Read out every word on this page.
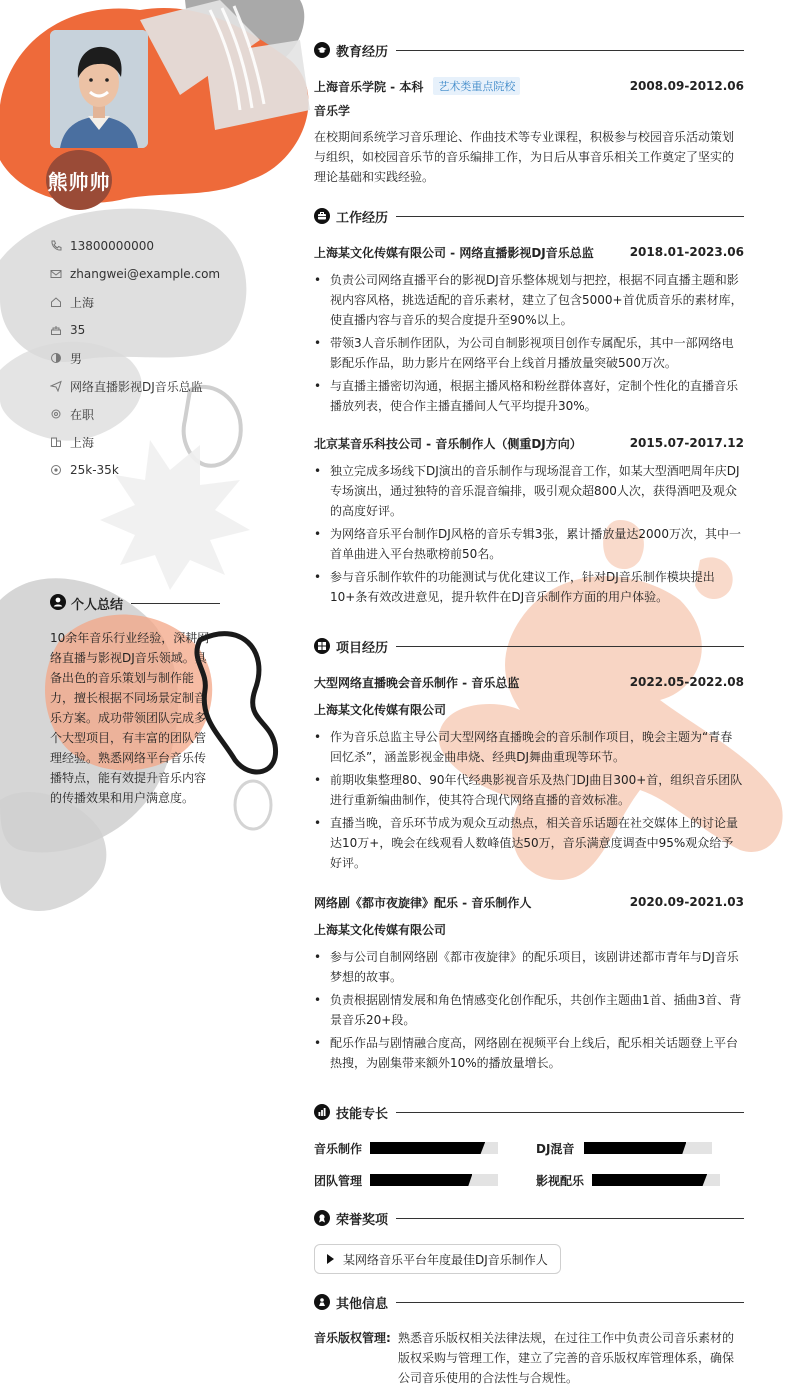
熊帅帅
13800000000
zhangwei@example.com
上海
35
男
网络直播影视DJ音乐总监
在职
上海
25k-35k
个人总结
10余年音乐行业经验，深耕网络直播与影视DJ音乐领域。具备出色的音乐策划与制作能力，擅长根据不同场景定制音乐方案。成功带领团队完成多个大型项目，有丰富的团队管理经验。熟悉网络平台音乐传播特点，能有效提升音乐内容的传播效果和用户满意度。
教育经历
上海音乐学院 - 本科	艺术类重点院校	2008.09-2012.06
音乐学
在校期间系统学习音乐理论、作曲技术等专业课程，积极参与校园音乐活动策划与组织，如校园音乐节的音乐编排工作，为日后从事音乐相关工作奠定了坚实的理论基础和实践经验。
工作经历
上海某文化传媒有限公司 - 网络直播影视DJ音乐总监	2018.01-2023.06
• 负责公司网络直播平台的影视DJ音乐整体规划与把控，根据不同直播主题和影视内容风格，挑选适配的音乐素材，建立了包含5000+首优质音乐的素材库，使直播内容与音乐的契合度提升至90%以上。
• 带领3人音乐制作团队，为公司自制影视项目创作专属配乐，其中一部网络电影配乐作品，助力影片在网络平台上线首月播放量突破500万次。
• 与直播主播密切沟通，根据主播风格和粉丝群体喜好，定制个性化的直播音乐播放列表，使合作主播直播间人气平均提升30%。
北京某音乐科技公司 - 音乐制作人（侧重DJ方向）	2015.07-2017.12
• 独立完成多场线下DJ演出的音乐制作与现场混音工作，如某大型酒吧周年庆DJ专场演出，通过独特的音乐混音编排，吸引观众超800人次，获得酒吧及观众的高度好评。
• 为网络音乐平台制作DJ风格的音乐专辑3张，累计播放量达2000万次，其中一首单曲进入平台热歌榜前50名。
• 参与音乐制作软件的功能测试与优化建议工作，针对DJ音乐制作模块提出10+条有效改进意见，提升软件在DJ音乐制作方面的用户体验。
项目经历
大型网络直播晚会音乐制作 - 音乐总监	2022.05-2022.08
上海某文化传媒有限公司
• 作为音乐总监主导公司大型网络直播晚会的音乐制作项目，晚会主题为“青春回忆杀”，涵盖影视金曲串烧、经典DJ舞曲重现等环节。
• 前期收集整理80、90年代经典影视音乐及热门DJ曲目300+首，组织音乐团队进行重新编曲制作，使其符合现代网络直播的音效标准。
• 直播当晚，音乐环节成为观众互动热点，相关音乐话题在社交媒体上的讨论量达10万+，晚会在线观看人数峰值达50万，音乐满意度调查中95%观众给予好评。
网络剧《都市夜旋律》配乐 - 音乐制作人	2020.09-2021.03
上海某文化传媒有限公司
• 参与公司自制网络剧《都市夜旋律》的配乐项目，该剧讲述都市青年与DJ音乐梦想的故事。
• 负责根据剧情发展和角色情感变化创作配乐，共创作主题曲1首、插曲3首、背景音乐20+段。
• 配乐作品与剧情融合度高，网络剧在视频平台上线后，配乐相关话题登上平台热搜，为剧集带来额外10%的播放量增长。
技能专长
音乐制作	DJ混音
团队管理	影视配乐
荣誉奖项
某网络音乐平台年度最佳DJ音乐制作人
其他信息
音乐版权管理: 熟悉音乐版权相关法律法规，在过往工作中负责公司音乐素材的版权采购与管理工作，建立了完善的音乐版权库管理体系，确保公司音乐使用的合法性与合规性。
